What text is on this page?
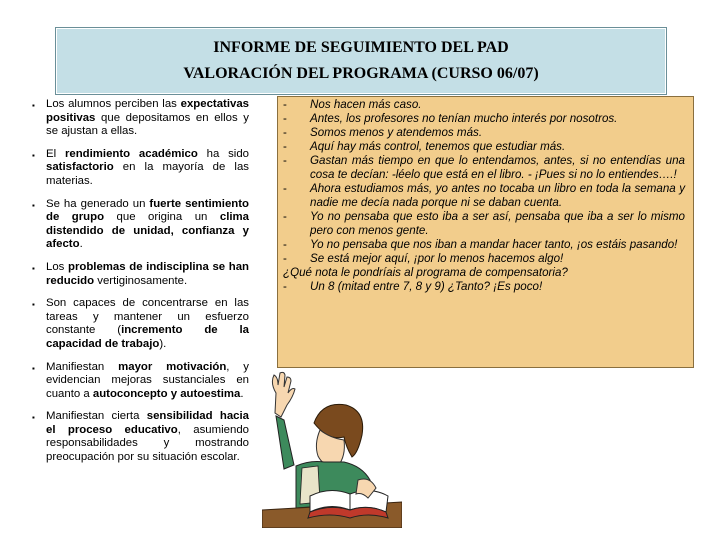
INFORME DE SEGUIMIENTO DEL PAD
VALORACIÓN DEL PROGRAMA (CURSO 06/07)
▪ Los alumnos perciben las expectativas positivas que depositamos en ellos y se ajustan a ellas.
▪ El rendimiento académico ha sido satisfactorio en la mayoría de las materias.
▪ Se ha generado un fuerte sentimiento de grupo que origina un clima distendido de unidad, confianza y afecto.
▪ Los problemas de indisciplina se han reducido vertiginosamente.
▪ Son capaces de concentrarse en las tareas y mantener un esfuerzo constante (incremento de la capacidad de trabajo).
▪ Manifiestan mayor motivación, y evidencian mejoras sustanciales en cuanto a autoconcepto y autoestima.
▪ Manifiestan cierta sensibilidad hacia el proceso educativo, asumiendo responsabilidades y mostrando preocupación por su situación escolar.
- Nos hacen más caso.
- Antes, los profesores no tenían mucho interés por nosotros.
- Somos menos y atendemos más.
- Aquí hay más control, tenemos que estudiar más.
- Gastan más tiempo en que lo entendamos, antes, si no entendías una cosa te decían: -léelo que está en el libro. - ¡Pues si no lo entiendes….!
- Ahora estudiamos más, yo antes no tocaba un libro en toda la semana y nadie me decía nada porque ni se daban cuenta.
- Yo no pensaba que esto iba a ser así, pensaba que iba a ser lo mismo pero con menos gente.
- Yo no pensaba que nos iban a mandar hacer tanto, ¡os estáis pasando!
- Se está mejor aquí, ¡por lo menos hacemos algo!
¿Qué nota le pondríais al programa de compensatoria?
- Un 8 (mitad entre 7, 8 y 9) ¿Tanto? ¡Es poco!
